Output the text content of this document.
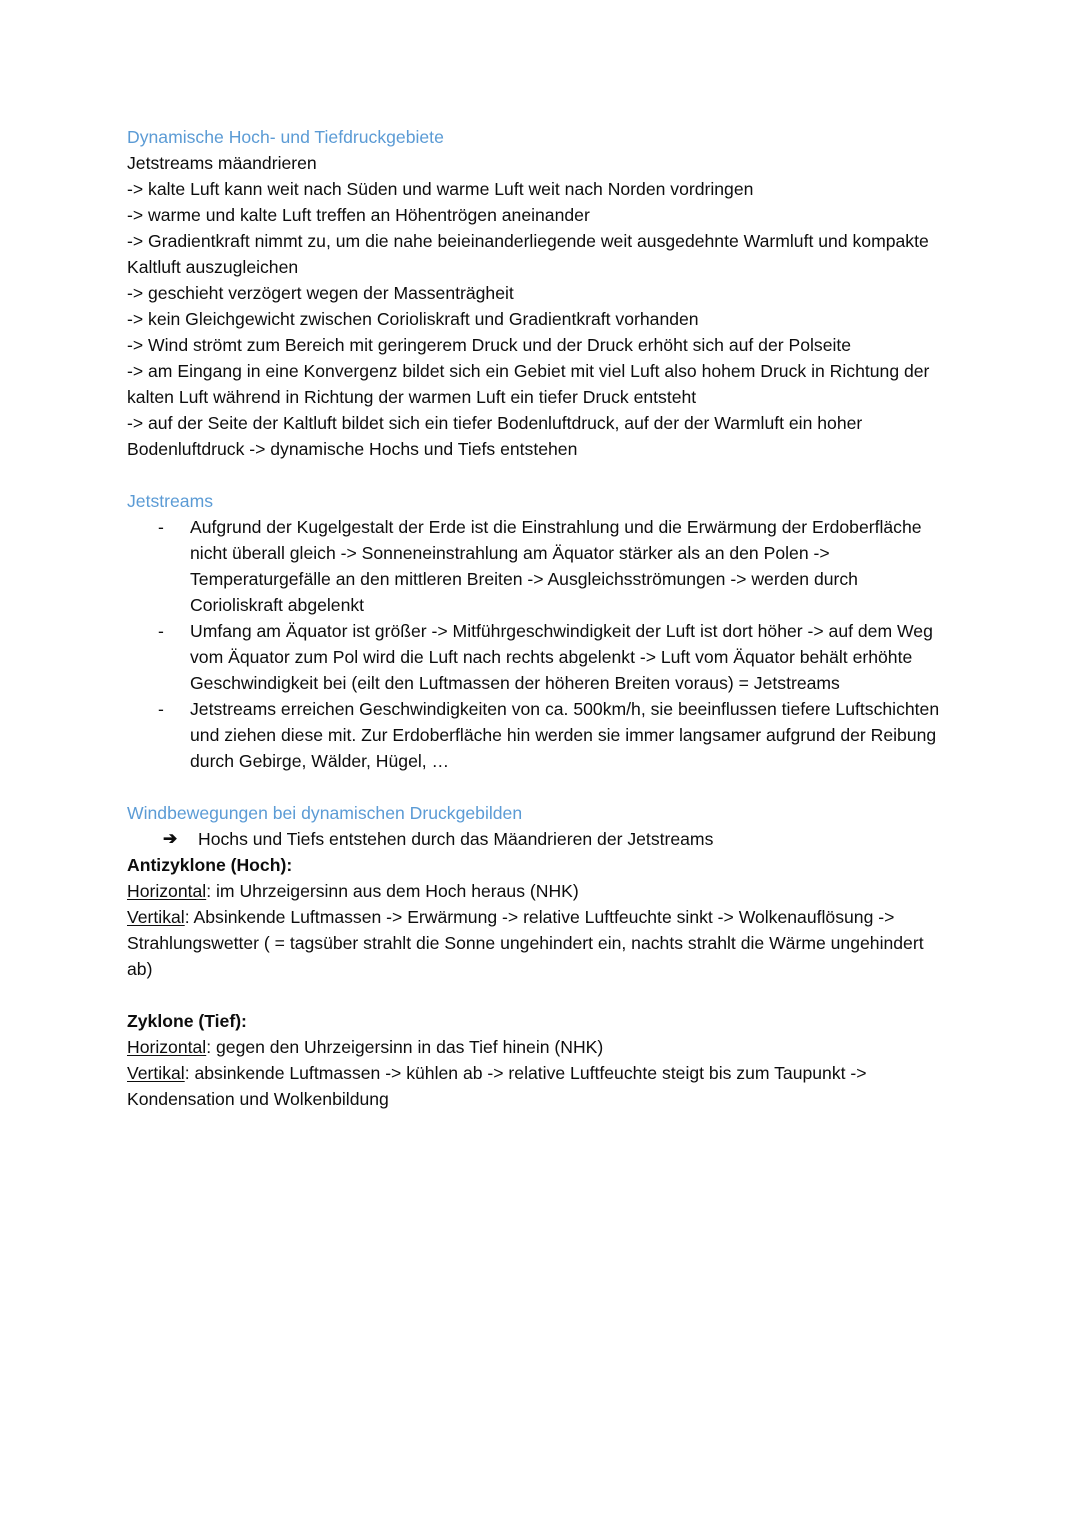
Dynamische Hoch- und Tiefdruckgebiete

Jetstreams mäandrieren

-> kalte Luft kann weit nach Süden und warme Luft weit nach Norden vordringen

-> warme und kalte Luft treffen an Höhentrögen aneinander

-> Gradientkraft nimmt zu, um die nahe beieinanderliegende weit ausgedehnte Warmluft und kompakte Kaltluft auszugleichen

-> geschieht verzögert wegen der Massenträgheit

-> kein Gleichgewicht zwischen Corioliskraft und Gradientkraft vorhanden

-> Wind strömt zum Bereich mit geringerem Druck und der Druck erhöht sich auf der Polseite

-> am Eingang in eine Konvergenz bildet sich ein Gebiet mit viel Luft also hohem Druck in Richtung der kalten Luft während in Richtung der warmen Luft ein tiefer Druck entsteht

-> auf der Seite der Kaltluft bildet sich ein tiefer Bodenluftdruck, auf der der Warmluft ein hoher Bodenluftdruck -> dynamische Hochs und Tiefs entstehen

Jetstreams
-	Aufgrund der Kugelgestalt der Erde ist die Einstrahlung und die Erwärmung der Erdoberfläche nicht überall gleich -> Sonneneinstrahlung am Äquator stärker als an den Polen -> Temperaturgefälle an den mittleren Breiten -> Ausgleichsströmungen -> werden durch Corioliskraft abgelenkt
-	Umfang am Äquator ist größer -> Mitführgeschwindigkeit der Luft ist dort höher -> auf dem Weg vom Äquator zum Pol wird die Luft nach rechts abgelenkt -> Luft vom Äquator behält erhöhte Geschwindigkeit bei (eilt den Luftmassen der höheren Breiten voraus) = Jetstreams
-	Jetstreams erreichen Geschwindigkeiten von ca. 500km/h, sie beeinflussen tiefere Luftschichten und ziehen diese mit. Zur Erdoberfläche hin werden sie immer langsamer aufgrund der Reibung durch Gebirge, Wälder, Hügel, …
Windbewegungen bei dynamischen Druckgebilden
➔ Hochs und Tiefs entstehen durch das Mäandrieren der Jetstreams

Antizyklone (Hoch):

Horizontal: im Uhrzeigersinn aus dem Hoch heraus (NHK)

Vertikal: Absinkende Luftmassen -> Erwärmung -> relative Luftfeuchte sinkt -> Wolkenauflösung -> Strahlungswetter ( = tagsüber strahlt die Sonne ungehindert ein, nachts strahlt die Wärme ungehindert ab)

Zyklone (Tief):

Horizontal: gegen den Uhrzeigersinn in das Tief hinein (NHK)

Vertikal: absinkende Luftmassen -> kühlen ab -> relative Luftfeuchte steigt bis zum Taupunkt -> Kondensation und Wolkenbildung
